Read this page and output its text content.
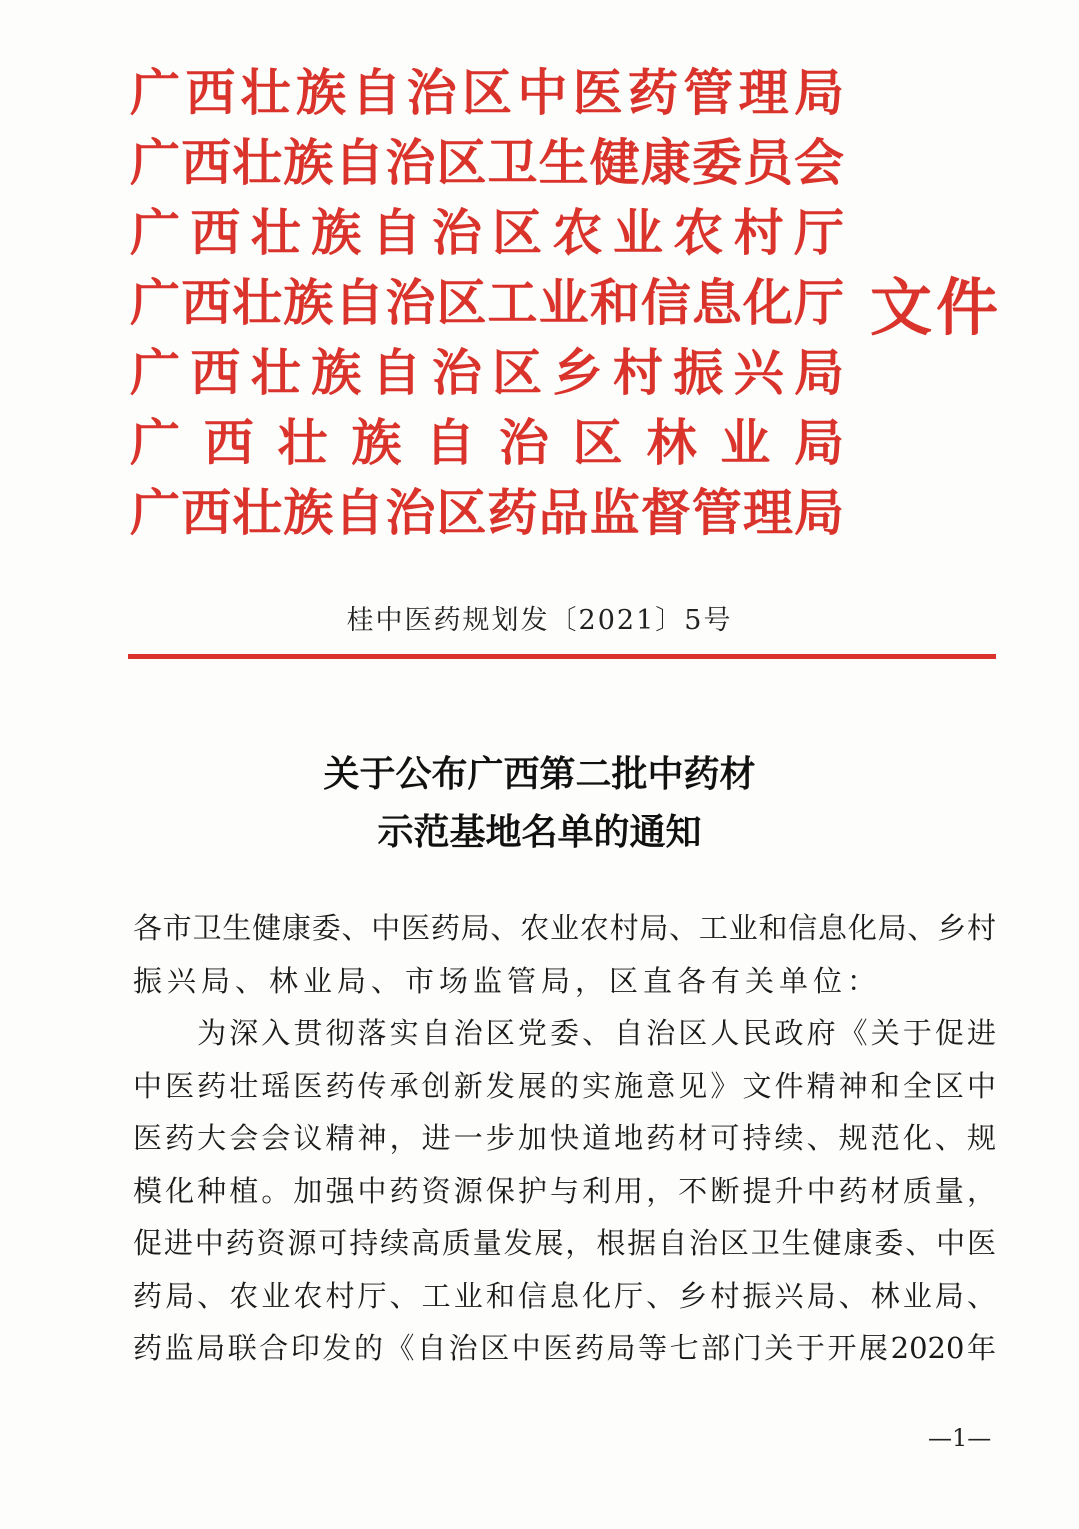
广西壮族自治区中医药管理局
广西壮族自治区卫生健康委员会
广西壮族自治区农业农村厅
广西壮族自治区工业和信息化厅
广西壮族自治区乡村振兴局
广西壮族自治区林业局
广西壮族自治区药品监督管理局
文件
桂中医药规划发〔2021〕5号
关于公布广西第二批中药材
示范基地名单的通知
各市卫生健康委、中医药局、农业农村局、工业和信息化局、乡村
振兴局、林业局、市场监管局，区直各有关单位：
　　为深入贯彻落实自治区党委、自治区人民政府《关于促进
中医药壮瑶医药传承创新发展的实施意见》文件精神和全区中
医药大会会议精神，进一步加快道地药材可持续、规范化、规
模化种植。加强中药资源保护与利用，不断提升中药材质量，
促进中药资源可持续高质量发展，根据自治区卫生健康委、中医
药局、农业农村厅、工业和信息化厅、乡村振兴局、林业局、
药监局联合印发的《自治区中医药局等七部门关于开展2020年
—1—
